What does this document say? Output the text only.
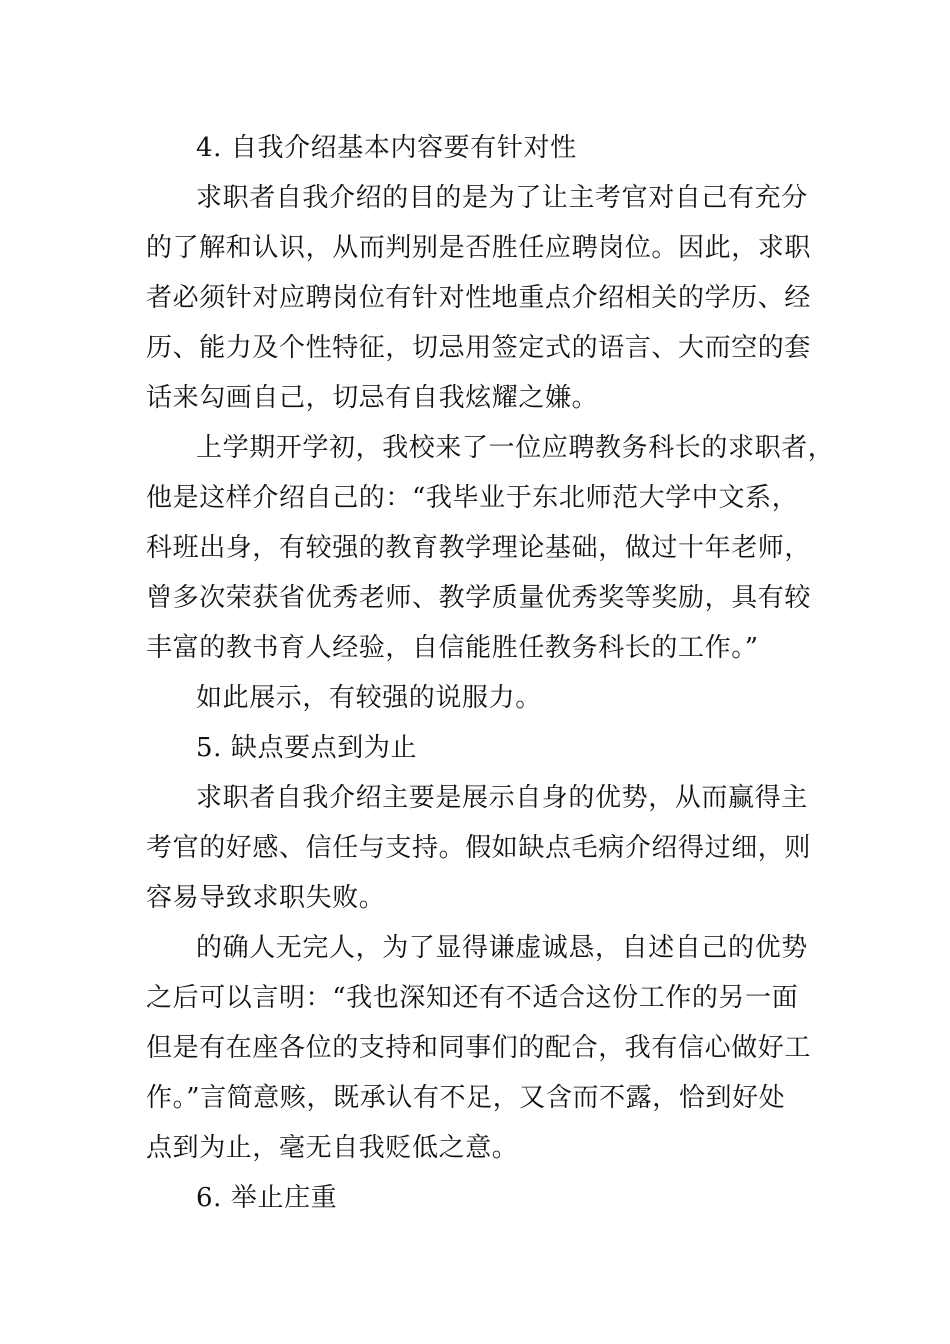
4. 自我介绍基本内容要有针对性
求职者自我介绍的目的是为了让主考官对自己有充分
的了解和认识，从而判别是否胜任应聘岗位。因此，求职
者必须针对应聘岗位有针对性地重点介绍相关的学历、经
历、能力及个性特征，切忌用签定式的语言、大而空的套
话来勾画自己，切忌有自我炫耀之嫌。
上学期开学初，我校来了一位应聘教务科长的求职者，
他是这样介绍自己的：“我毕业于东北师范大学中文系，
科班出身，有较强的教育教学理论基础，做过十年老师，
曾多次荣获省优秀老师、教学质量优秀奖等奖励，具有较
丰富的教书育人经验，自信能胜任教务科长的工作。”
如此展示，有较强的说服力。
5. 缺点要点到为止
求职者自我介绍主要是展示自身的优势，从而赢得主
考官的好感、信任与支持。假如缺点毛病介绍得过细，则
容易导致求职失败。
的确人无完人，为了显得谦虚诚恳，自述自己的优势
之后可以言明：“我也深知还有不适合这份工作的另一面
但是有在座各位的支持和同事们的配合，我有信心做好工
作。”言简意赅，既承认有不足，又含而不露，恰到好处
点到为止，毫无自我贬低之意。
6. 举止庄重
